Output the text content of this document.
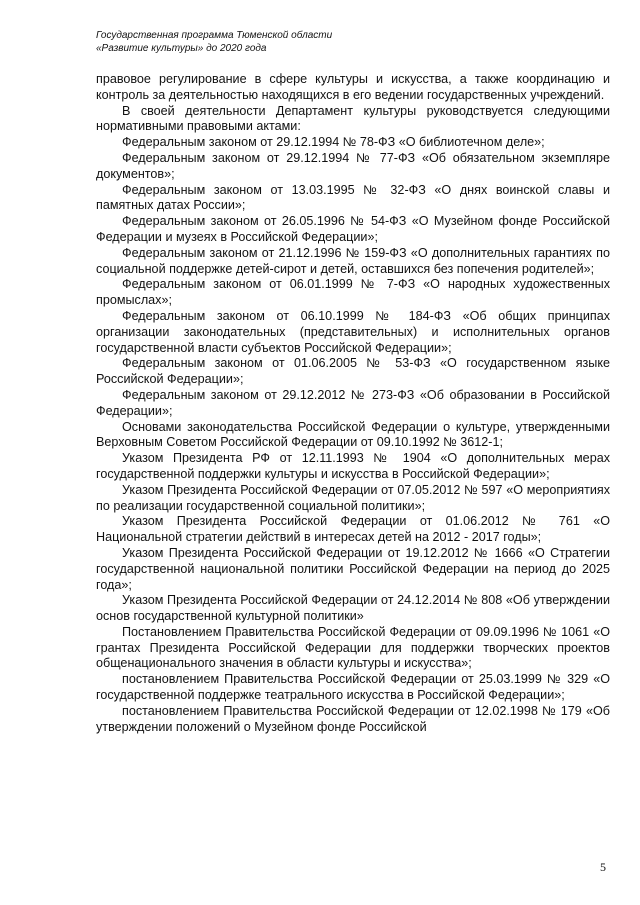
Государственная программа Тюменской области
«Развитие культуры» до 2020 года

правовое регулирование в сфере культуры и искусства, а также координацию и контроль за деятельностью находящихся в его ведении государственных учреждений.

В своей деятельности Департамент культуры руководствуется следующими нормативными правовыми актами:

Федеральным законом от 29.12.1994 № 78-ФЗ «О библиотечном деле»;

Федеральным законом от 29.12.1994 № 77-ФЗ «Об обязательном экземпляре документов»;

Федеральным законом от 13.03.1995 № 32-ФЗ «О днях воинской славы и памятных датах России»;

Федеральным законом от 26.05.1996 № 54-ФЗ «О Музейном фонде Российской Федерации и музеях в Российской Федерации»;

Федеральным законом от 21.12.1996 № 159-ФЗ «О дополнительных гарантиях по социальной поддержке детей-сирот и детей, оставшихся без попечения родителей»;

Федеральным законом от 06.01.1999 № 7-ФЗ «О народных художественных промыслах»;

Федеральным законом от 06.10.1999 № 184-ФЗ «Об общих принципах организации законодательных (представительных) и исполнительных органов государственной власти субъектов Российской Федерации»;

Федеральным законом от 01.06.2005 № 53-ФЗ «О государственном языке Российской Федерации»;

Федеральным законом от 29.12.2012 № 273-ФЗ «Об образовании в Российской Федерации»;

Основами законодательства Российской Федерации о культуре, утвержденными Верховным Советом Российской Федерации от 09.10.1992 № 3612-1;

Указом Президента РФ от 12.11.1993 № 1904 «О дополнительных мерах государственной поддержки культуры и искусства в Российской Федерации»;

Указом Президента Российской Федерации от 07.05.2012 № 597 «О мероприятиях по реализации государственной социальной политики»;

Указом Президента Российской Федерации от 01.06.2012 № 761 «О Национальной стратегии действий в интересах детей на 2012 - 2017 годы»;

Указом Президента Российской Федерации от 19.12.2012 № 1666 «О Стратегии государственной национальной политики Российской Федерации на период до 2025 года»;

Указом Президента Российской Федерации от 24.12.2014 № 808 «Об утверждении основ государственной культурной политики»

Постановлением Правительства Российской Федерации от 09.09.1996 № 1061 «О грантах Президента Российской Федерации для поддержки творческих проектов общенационального значения в области культуры и искусства»;

постановлением Правительства Российской Федерации от 25.03.1999 № 329 «О государственной поддержке театрального искусства в Российской Федерации»;

постановлением Правительства Российской Федерации от 12.02.1998 № 179 «Об утверждении положений о Музейном фонде Российской

5
